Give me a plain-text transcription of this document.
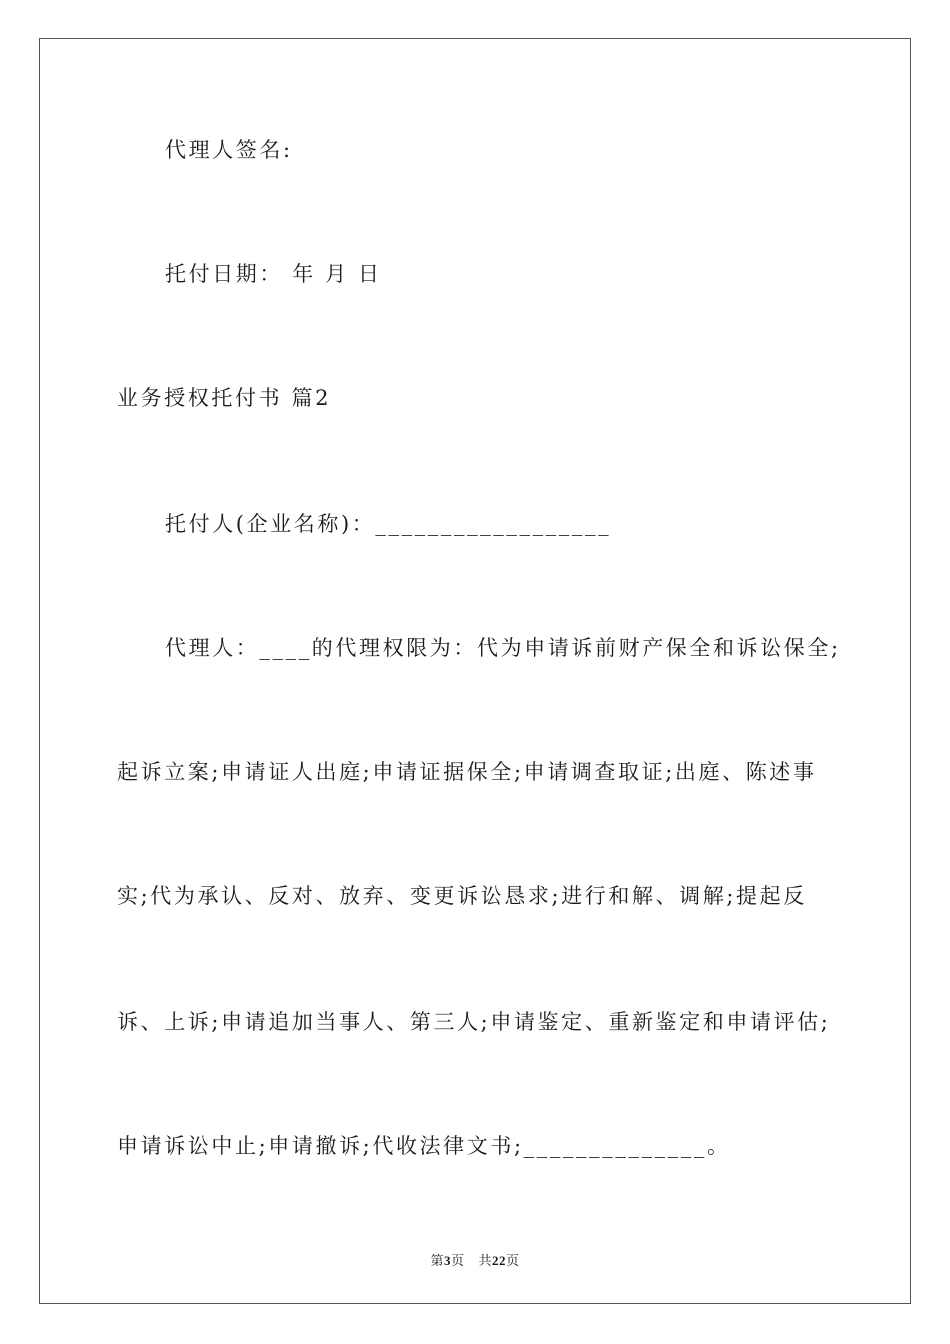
代理人签名:
托付日期： 年 月 日
业务授权托付书 篇2
托付人(企业名称)：__________________
代理人：____的代理权限为：代为申请诉前财产保全和诉讼保全;
起诉立案;申请证人出庭;申请证据保全;申请调查取证;出庭、陈述事
实;代为承认、反对、放弃、变更诉讼恳求;进行和解、调解;提起反
诉、上诉;申请追加当事人、第三人;申请鉴定、重新鉴定和申请评估;
申请诉讼中止;申请撤诉;代收法律文书;______________。
第3页 共22页
